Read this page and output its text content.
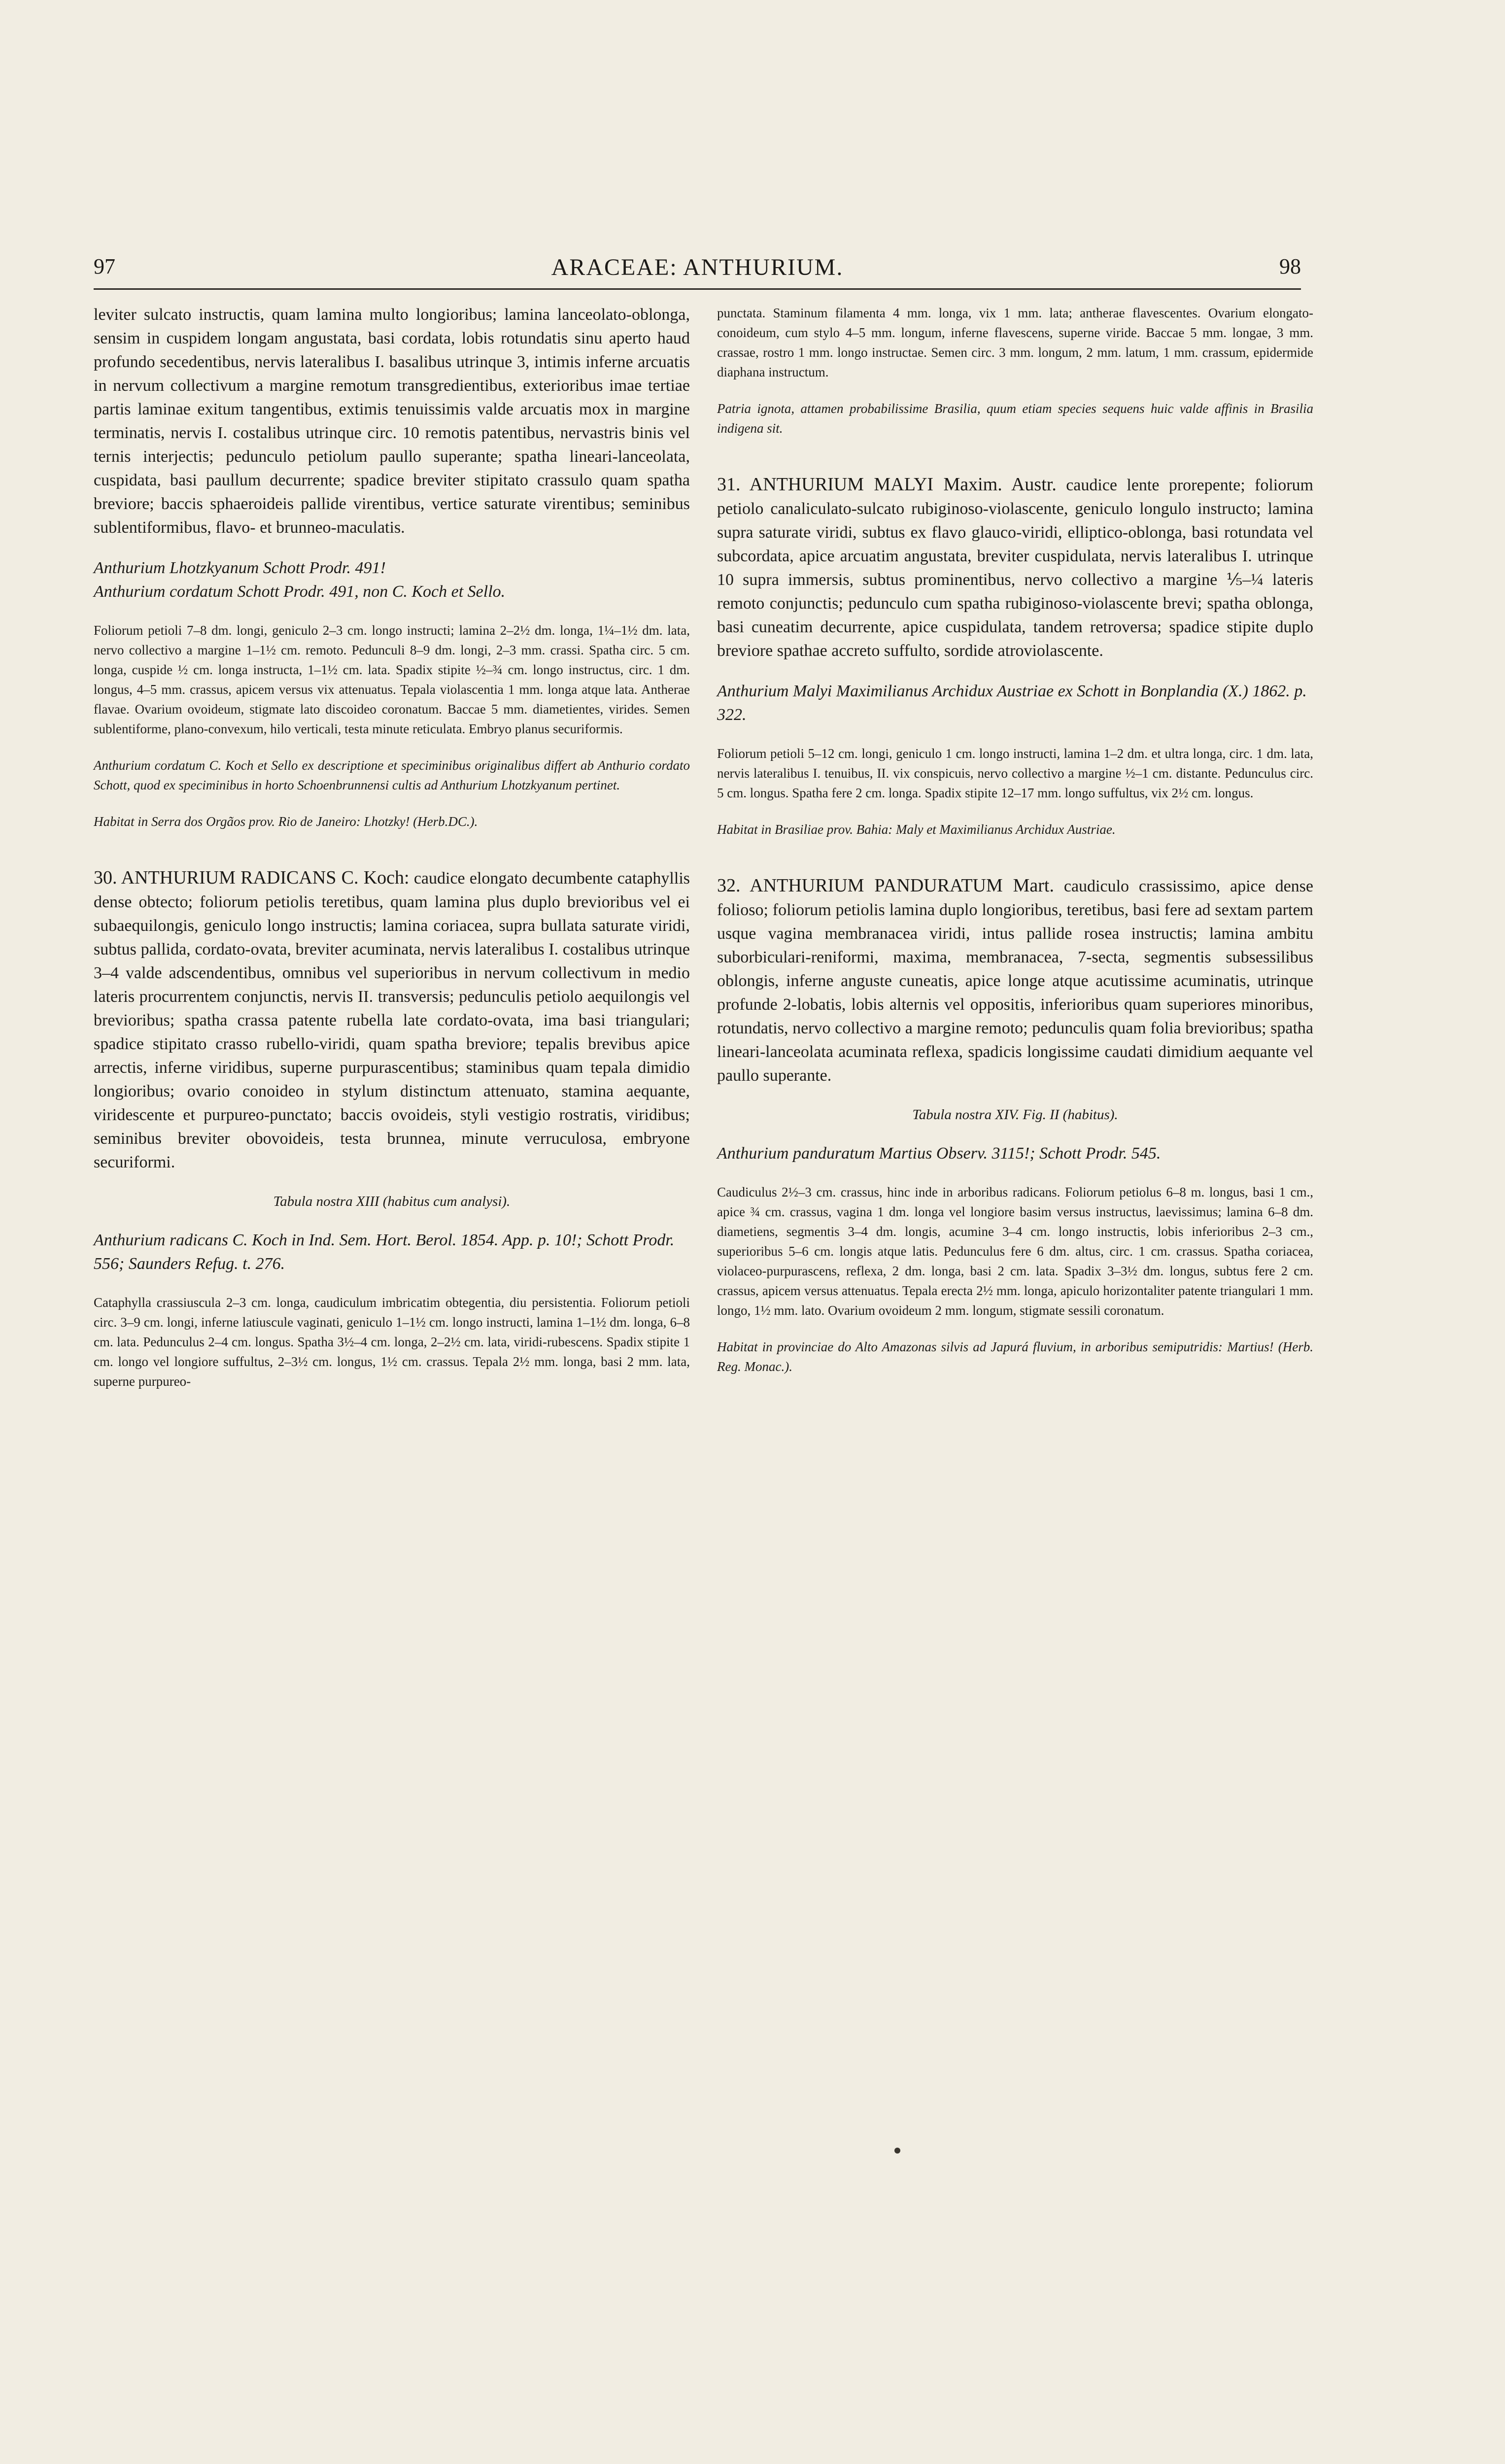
97	ARACEAE: ANTHURIUM.	98

leviter sulcato instructis, quam lamina multo longioribus; lamina lanceolato-oblonga, sensim in cuspidem longam angustata, basi cordata, lobis rotundatis sinu aperto haud profundo secedentibus, nervis lateralibus I. basalibus utrinque 3, intimis inferne arcuatis in nervum collectivum a margine remotum transgredientibus, exterioribus imae tertiae partis laminae exitum tangentibus, extimis tenuissimis valde arcuatis mox in margine terminatis, nervis I. costalibus utrinque circ. 10 remotis patentibus, nervastris binis vel ternis interjectis; pedunculo petiolum paullo superante; spatha lineari-lanceolata, cuspidata, basi paullum decurrente; spadice breviter stipitato crassulo quam spatha breviore; baccis sphaeroideis pallide virentibus, vertice saturate virentibus; seminibus sublentiformibus, flavo- et brunneo-maculatis.

Anthurium Lhotzkyanum Schott Prodr. 491!

Anthurium cordatum Schott Prodr. 491, non C. Koch et Sello.

Foliorum petioli 7–8 dm. longi, geniculo 2–3 cm. longo instructi; lamina 2–2½ dm. longa, 1¼–1½ dm. lata, nervo collectivo a margine 1–1½ cm. remoto. Pedunculi 8–9 dm. longi, 2–3 mm. crassi. Spatha circ. 5 cm. longa, cuspide ½ cm. longa instructa, 1–1½ cm. lata. Spadix stipite ½–¾ cm. longo instructus, circ. 1 dm. longus, 4–5 mm. crassus, apicem versus vix attenuatus. Tepala violascentia 1 mm. longa atque lata. Antherae flavae. Ovarium ovoideum, stigmate lato discoideo coronatum. Baccae 5 mm. diametientes, virides. Semen sublentiforme, plano-convexum, hilo verticali, testa minute reticulata. Embryo planus securiformis.

Anthurium cordatum C. Koch et Sello ex descriptione et speciminibus originalibus differt ab Anthurio cordato Schott, quod ex speciminibus in horto Schoenbrunnensi cultis ad Anthurium Lhotzkyanum pertinet.

Habitat in Serra dos Orgãos prov. Rio de Janeiro: Lhotzky! (Herb.DC.).

30. ANTHURIUM RADICANS C. Koch: caudice elongato decumbente cataphyllis dense obtecto; foliorum petiolis teretibus, quam lamina plus duplo brevioribus vel ei subaequilongis, geniculo longo instructis; lamina coriacea, supra bullata saturate viridi, subtus pallida, cordato-ovata, breviter acuminata, nervis lateralibus I. costalibus utrinque 3–4 valde adscendentibus, omnibus vel superioribus in nervum collectivum in medio lateris procurrentem conjunctis, nervis II. transversis; pedunculis petiolo aequilongis vel brevioribus; spatha crassa patente rubella late cordato-ovata, ima basi triangulari; spadice stipitato crasso rubello-viridi, quam spatha breviore; tepalis brevibus apice arrectis, inferne viridibus, superne purpurascentibus; staminibus quam tepala dimidio longioribus; ovario conoideo in stylum distinctum attenuato, stamina aequante, viridescente et purpureo-punctato; baccis ovoideis, styli vestigio rostratis, viridibus; seminibus breviter obovoideis, testa brunnea, minute verruculosa, embryone securiformi.

Tabula nostra XIII (habitus cum analysi).

Anthurium radicans C. Koch in Ind. Sem. Hort. Berol. 1854. App. p. 10!; Schott Prodr. 556; Saunders Refug. t. 276.

Cataphylla crassiuscula 2–3 cm. longa, caudiculum imbricatim obtegentia, diu persistentia. Foliorum petioli circ. 3–9 cm. longi, inferne latiuscule vaginati, geniculo 1–1½ cm. longo instructi, lamina 1–1½ dm. longa, 6–8 cm. lata. Pedunculus 2–4 cm. longus. Spatha 3½–4 cm. longa, 2–2½ cm. lata, viridi-rubescens. Spadix stipite 1 cm. longo vel longiore suffultus, 2–3½ cm. longus, 1½ cm. crassus. Tepala 2½ mm. longa, basi 2 mm. lata, superne purpureo-

punctata. Staminum filamenta 4 mm. longa, vix 1 mm. lata; antherae flavescentes. Ovarium elongato-conoideum, cum stylo 4–5 mm. longum, inferne flavescens, superne viride. Baccae 5 mm. longae, 3 mm. crassae, rostro 1 mm. longo instructae. Semen circ. 3 mm. longum, 2 mm. latum, 1 mm. crassum, epidermide diaphana instructum.

Patria ignota, attamen probabilissime Brasilia, quum etiam species sequens huic valde affinis in Brasilia indigena sit.

31. ANTHURIUM MALYI Maxim. Austr. caudice lente prorepente; foliorum petiolo canaliculato-sulcato rubiginoso-violascente, geniculo longulo instructo; lamina supra saturate viridi, subtus ex flavo glauco-viridi, elliptico-oblonga, basi rotundata vel subcordata, apice arcuatim angustata, breviter cuspidulata, nervis lateralibus I. utrinque 10 supra immersis, subtus prominentibus, nervo collectivo a margine ⅕–¼ lateris remoto conjunctis; pedunculo cum spatha rubiginoso-violascente brevi; spatha oblonga, basi cuneatim decurrente, apice cuspidulata, tandem retroversa; spadice stipite duplo breviore spathae accreto suffulto, sordide atroviolascente.

Anthurium Malyi Maximilianus Archidux Austriae ex Schott in Bonplandia (X.) 1862. p. 322.

Foliorum petioli 5–12 cm. longi, geniculo 1 cm. longo instructi, lamina 1–2 dm. et ultra longa, circ. 1 dm. lata, nervis lateralibus I. tenuibus, II. vix conspicuis, nervo collectivo a margine ½–1 cm. distante. Pedunculus circ. 5 cm. longus. Spatha fere 2 cm. longa. Spadix stipite 12–17 mm. longo suffultus, vix 2½ cm. longus.

Habitat in Brasiliae prov. Bahia: Maly et Maximilianus Archidux Austriae.

32. ANTHURIUM PANDURATUM Mart. caudiculo crassissimo, apice dense folioso; foliorum petiolis lamina duplo longioribus, teretibus, basi fere ad sextam partem usque vagina membranacea viridi, intus pallide rosea instructis; lamina ambitu suborbiculari-reniformi, maxima, membranacea, 7-secta, segmentis subsessilibus oblongis, inferne anguste cuneatis, apice longe atque acutissime acuminatis, utrinque profunde 2-lobatis, lobis alternis vel oppositis, inferioribus quam superiores minoribus, rotundatis, nervo collectivo a margine remoto; pedunculis quam folia brevioribus; spatha lineari-lanceolata acuminata reflexa, spadicis longissime caudati dimidium aequante vel paullo superante.

Tabula nostra XIV. Fig. II (habitus).

Anthurium panduratum Martius Observ. 3115!; Schott Prodr. 545.

Caudiculus 2½–3 cm. crassus, hinc inde in arboribus radicans. Foliorum petiolus 6–8 m. longus, basi 1 cm., apice ¾ cm. crassus, vagina 1 dm. longa vel longiore basim versus instructus, laevissimus; lamina 6–8 dm. diametiens, segmentis 3–4 dm. longis, acumine 3–4 cm. longo instructis, lobis inferioribus 2–3 cm., superioribus 5–6 cm. longis atque latis. Pedunculus fere 6 dm. altus, circ. 1 cm. crassus. Spatha coriacea, violaceo-purpurascens, reflexa, 2 dm. longa, basi 2 cm. lata. Spadix 3–3½ dm. longus, subtus fere 2 cm. crassus, apicem versus attenuatus. Tepala erecta 2½ mm. longa, apiculo horizontaliter patente triangulari 1 mm. longo, 1½ mm. lato. Ovarium ovoideum 2 mm. longum, stigmate sessili coronatum.

Habitat in provinciae do Alto Amazonas silvis ad Japurá fluvium, in arboribus semiputridis: Martius! (Herb. Reg. Monac.).
